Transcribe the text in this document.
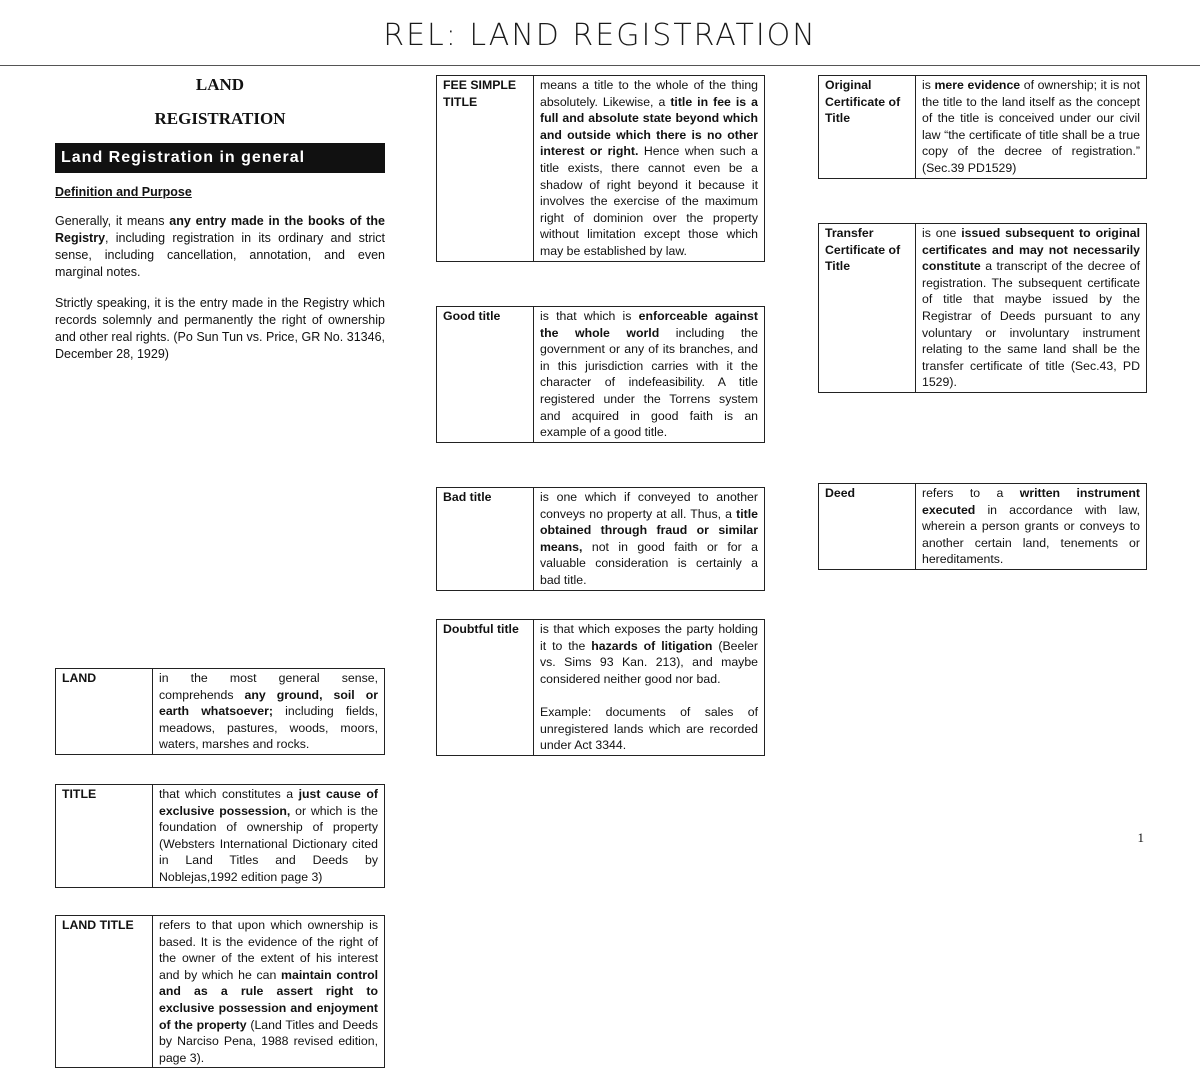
REL: LAND REGISTRATION
LAND
REGISTRATION
Land Registration in general
Definition and Purpose

Generally, it means any entry made in the books of the Registry, including registration in its ordinary and strict sense, including cancellation, annotation, and even marginal notes.

Strictly speaking, it is the entry made in the Registry which records solemnly and permanently the right of ownership and other real rights. (Po Sun Tun vs. Price, GR No. 31346, December 28, 1929)

LAND	in the most general sense, comprehends any ground, soil or earth whatsoever; including fields, meadows, pastures, woods, moors, waters, marshes and rocks.
TITLE	that which constitutes a just cause of exclusive possession, or which is the foundation of ownership of property (Websters International Dictionary cited in Land Titles and Deeds by Noblejas,1992 edition page 3)
LAND TITLE	refers to that upon which ownership is based. It is the evidence of the right of the owner of the extent of his interest and by which he can maintain control and as a rule assert right to exclusive possession and enjoyment of the property (Land Titles and Deeds by Narciso Pena, 1988 revised edition, page 3).
FEE SIMPLE TITLE	means a title to the whole of the thing absolutely. Likewise, a title in fee is a full and absolute state beyond which and outside which there is no other interest or right. Hence when such a title exists, there cannot even be a shadow of right beyond it because it involves the exercise of the maximum right of dominion over the property without limitation except those which may be established by law.
Good title	is that which is enforceable against the whole world including the government or any of its branches, and in this jurisdiction carries with it the character of indefeasibility. A title registered under the Torrens system and acquired in good faith is an example of a good title.
Bad title	is one which if conveyed to another conveys no property at all. Thus, a title obtained through fraud or similar means, not in good faith or for a valuable consideration is certainly a bad title.
Doubtful title	is that which exposes the party holding it to the hazards of litigation (Beeler vs. Sims 93 Kan. 213), and maybe considered neither good nor bad.

Example: documents of sales of unregistered lands which are recorded under Act 3344.
Original Certificate of Title	is mere evidence of ownership; it is not the title to the land itself as the concept of the title is conceived under our civil law “the certificate of title shall be a true copy of the decree of registration.” (Sec.39 PD1529)
Transfer Certificate of Title	is one issued subsequent to original certificates and may not necessarily constitute a transcript of the decree of registration. The subsequent certificate of title that maybe issued by the Registrar of Deeds pursuant to any voluntary or involuntary instrument relating to the same land shall be the transfer certificate of title (Sec.43, PD 1529).
Deed	refers to a written instrument executed in accordance with law, wherein a person grants or conveys to another certain land, tenements or hereditaments.
1
